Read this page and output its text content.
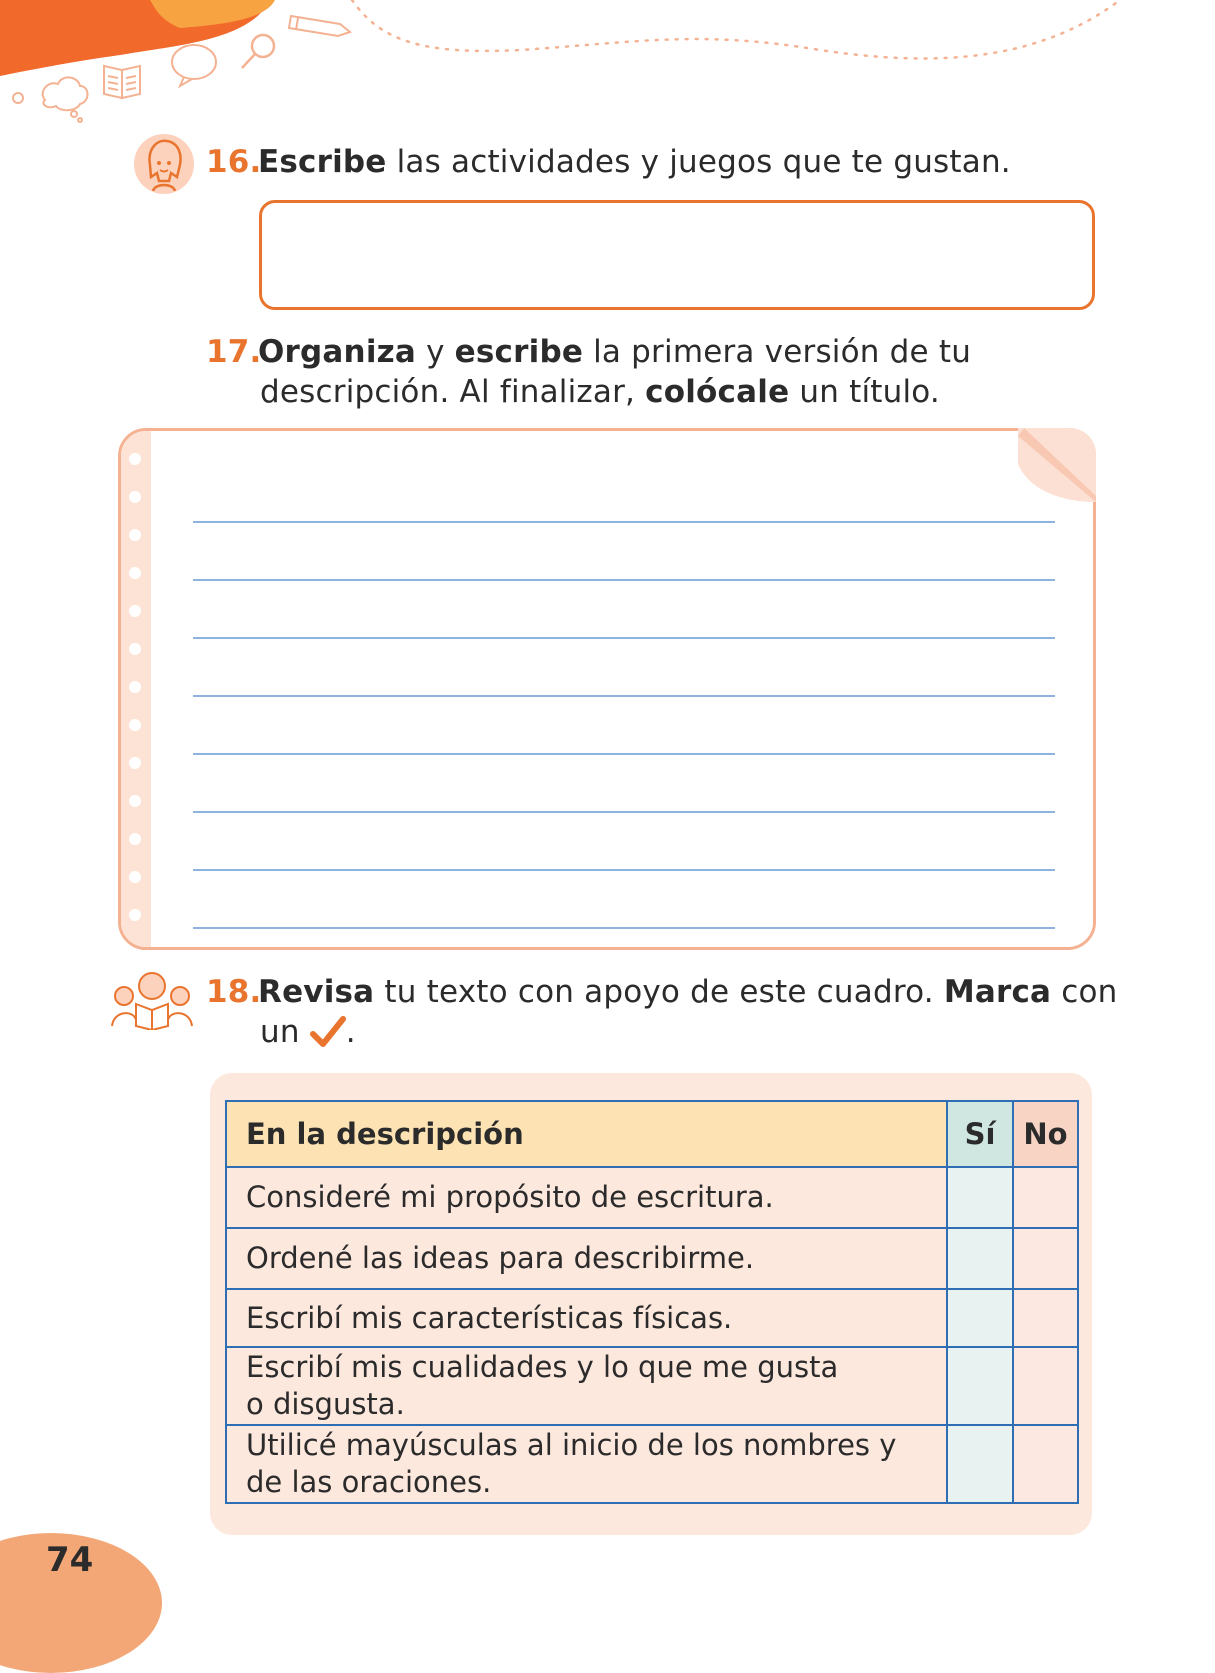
16.Escribe las actividades y juegos que te gustan.
17.Organiza y escribe la primera versión de tu
descripción. Al finalizar, colócale un título.
18.Revisa tu texto con apoyo de este cuadro. Marca con
un .
En la descripción	Sí	No
Consideré mi propósito de escritura.		
Ordené las ideas para describirme.		
Escribí mis características físicas.		
Escribí mis cualidades y lo que me gusta
o disgusta.		
Utilicé mayúsculas al inicio de los nombres y
de las oraciones.		
74
